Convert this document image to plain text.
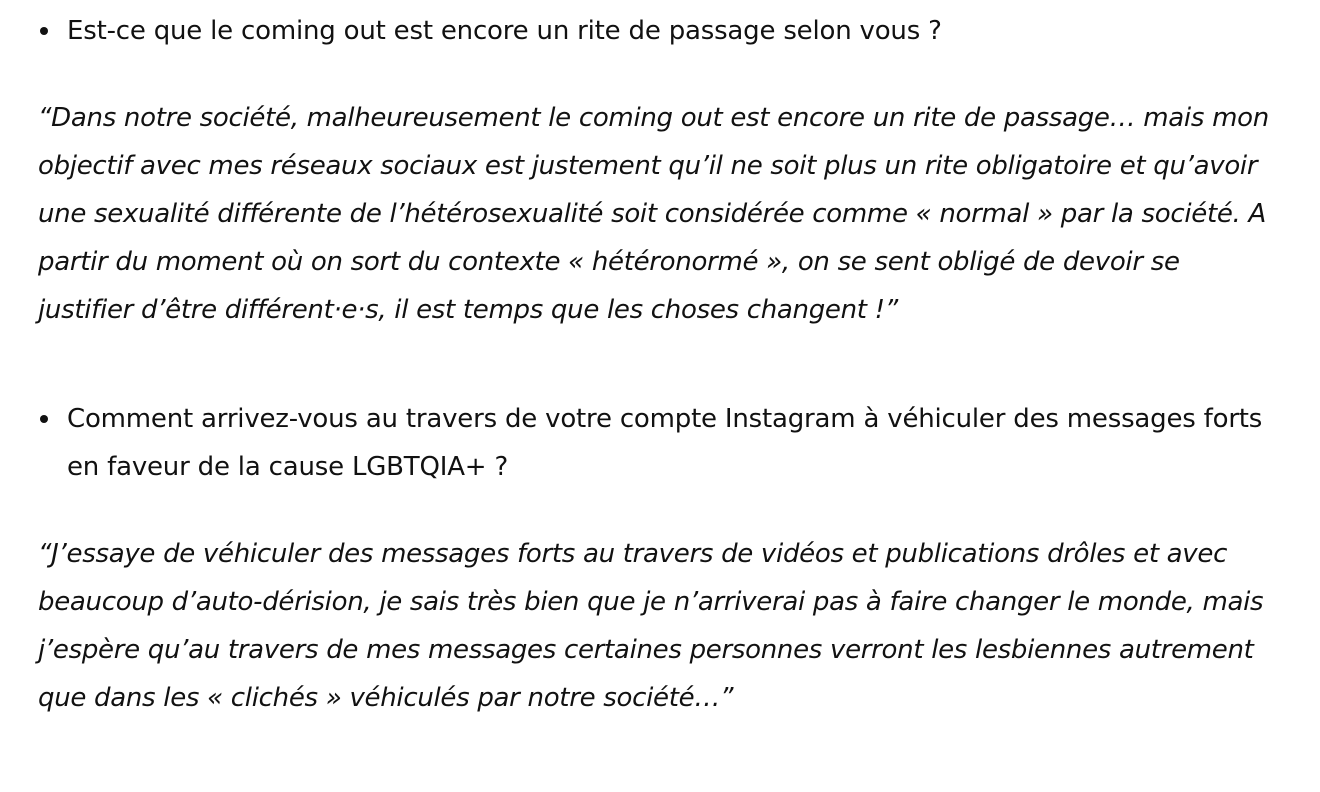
Est-ce que le coming out est encore un rite de passage selon vous ?

“Dans notre société, malheureusement le coming out est encore un rite de passage… mais mon objectif avec mes réseaux sociaux est justement qu’il ne soit plus un rite obligatoire et qu’avoir une sexualité différente de l’hétérosexualité soit considérée comme « normal » par la société. A partir du moment où on sort du contexte « hétéronormé », on se sent obligé de devoir se justifier d’être différent·e·s, il est temps que les choses changent !”

Comment arrivez-vous au travers de votre compte Instagram à véhiculer des messages forts en faveur de la cause LGBTQIA+ ?

“J’essaye de véhiculer des messages forts au travers de vidéos et publications drôles et avec beaucoup d’auto-dérision, je sais très bien que je n’arriverai pas à faire changer le monde, mais j’espère qu’au travers de mes messages certaines personnes verront les lesbiennes autrement que dans les « clichés » véhiculés par notre société…”
